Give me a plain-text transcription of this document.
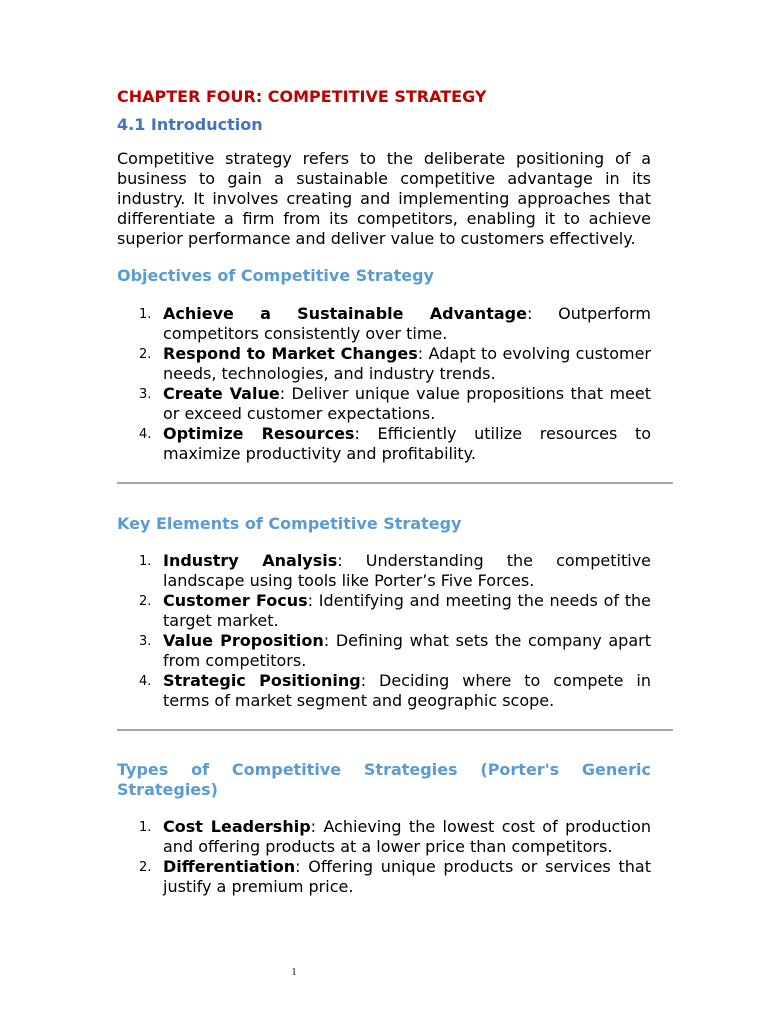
CHAPTER FOUR: COMPETITIVE STRATEGY
4.1 Introduction

Competitive strategy refers to the deliberate positioning of a business to gain a sustainable competitive advantage in its industry. It involves creating and implementing approaches that differentiate a firm from its competitors, enabling it to achieve superior performance and deliver value to customers effectively.

Objectives of Competitive Strategy
1. Achieve a Sustainable Advantage: Outperform competitors consistently over time.
2. Respond to Market Changes: Adapt to evolving customer needs, technologies, and industry trends.
3. Create Value: Deliver unique value propositions that meet or exceed customer expectations.
4. Optimize Resources: Efficiently utilize resources to maximize productivity and profitability.
Key Elements of Competitive Strategy
1. Industry Analysis: Understanding the competitive landscape using tools like Porter’s Five Forces.
2. Customer Focus: Identifying and meeting the needs of the target market.
3. Value Proposition: Defining what sets the company apart from competitors.
4. Strategic Positioning: Deciding where to compete in terms of market segment and geographic scope.
Types of Competitive Strategies (Porter's Generic Strategies)
1. Cost Leadership: Achieving the lowest cost of production and offering products at a lower price than competitors.
2. Differentiation: Offering unique products or services that justify a premium price.
1
